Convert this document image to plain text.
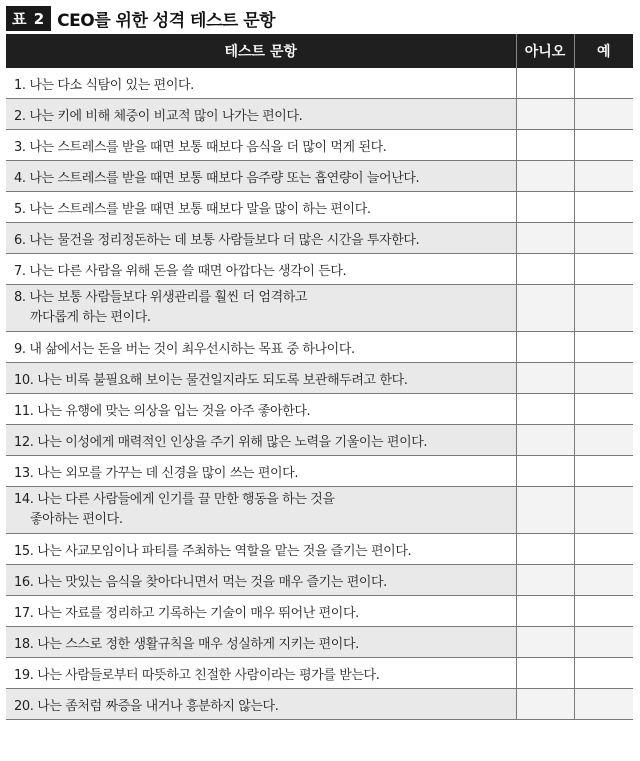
표 2 CEO를 위한 성격 테스트 문항
테스트 문항	아니오	예

1. 나는 다소 식탐이 있는 편이다.		

2. 나는 키에 비해 체중이 비교적 많이 나가는 편이다.		

3. 나는 스트레스를 받을 때면 보통 때보다 음식을 더 많이 먹게 된다.		

4. 나는 스트레스를 받을 때면 보통 때보다 음주량 또는 흡연량이 늘어난다.		

5. 나는 스트레스를 받을 때면 보통 때보다 말을 많이 하는 편이다.		

6. 나는 물건을 정리정돈하는 데 보통 사람들보다 더 많은 시간을 투자한다.		

7. 나는 다른 사람을 위해 돈을 쓸 때면 아깝다는 생각이 든다.		

8. 나는 보통 사람들보다 위생관리를 훨씬 더 엄격하고
까다롭게 하는 편이다.		

9. 내 삶에서는 돈을 버는 것이 최우선시하는 목표 중 하나이다.		

10. 나는 비록 불필요해 보이는 물건일지라도 되도록 보관해두려고 한다.		

11. 나는 유행에 맞는 의상을 입는 것을 아주 좋아한다.		

12. 나는 이성에게 매력적인 인상을 주기 위해 많은 노력을 기울이는 편이다.		

13. 나는 외모를 가꾸는 데 신경을 많이 쓰는 편이다.		

14. 나는 다른 사람들에게 인기를 끌 만한 행동을 하는 것을
좋아하는 편이다.		

15. 나는 사교모임이나 파티를 주최하는 역할을 맡는 것을 즐기는 편이다.		

16. 나는 맛있는 음식을 찾아다니면서 먹는 것을 매우 즐기는 편이다.		

17. 나는 자료를 정리하고 기록하는 기술이 매우 뛰어난 편이다.		

18. 나는 스스로 정한 생활규칙을 매우 성실하게 지키는 편이다.		

19. 나는 사람들로부터 따뜻하고 친절한 사람이라는 평가를 받는다.		

20. 나는 좀처럼 짜증을 내거나 흥분하지 않는다.		
